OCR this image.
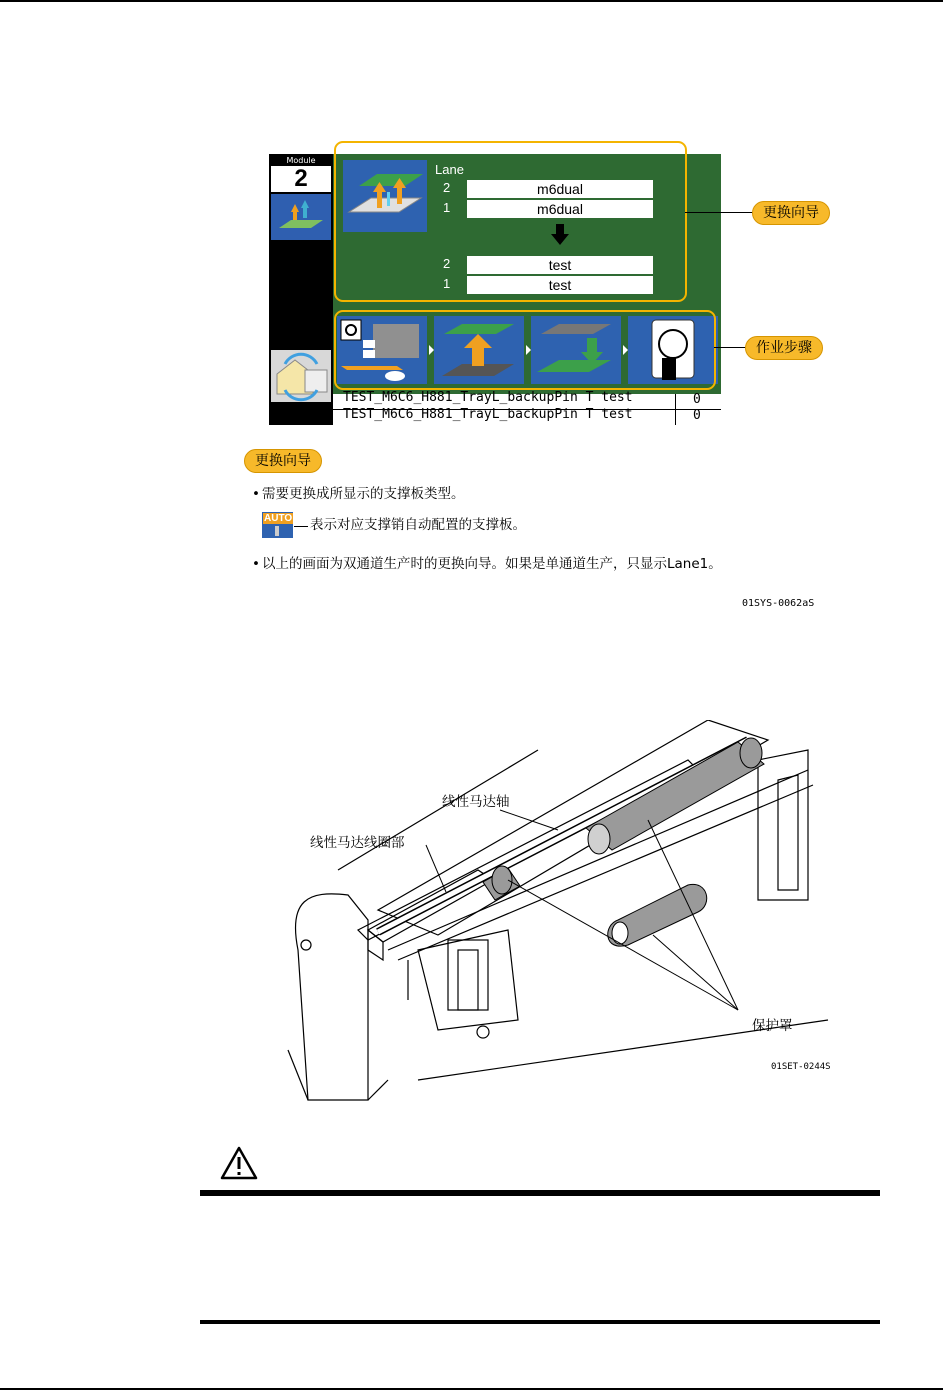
Module
2	Lane
2	m6dual
1	m6dual
2	test
1	test
TEST_M6C6_H881_TrayL_backupPin T test	0
TEST_M6C6_H881_TrayL_backupPin T test	0
更换向导
作业步骤
更换向导
• 需要更换成所显示的支撑板类型。
AUTO 表示对应支撑销自动配置的支撑板。
• 以上的画面为双通道生产时的更换向导。如果是单通道生产，只显示Lane1。
01SYS-0062aS
线性马达轴
线性马达线圈部
保护罩
01SET-0244S
